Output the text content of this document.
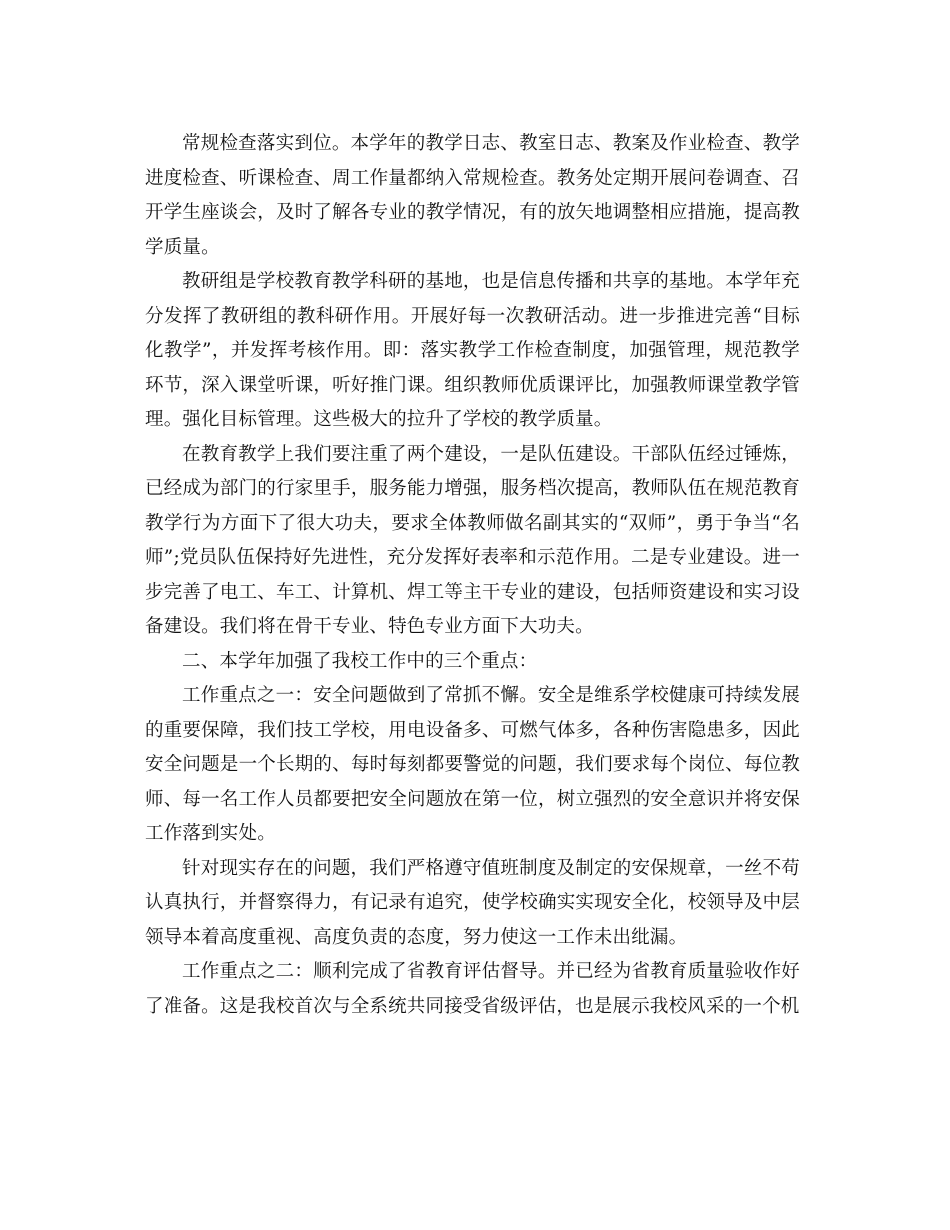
常规检查落实到位。本学年的教学日志、教室日志、教案及作业检查、教学进度检查、听课检查、周工作量都纳入常规检查。教务处定期开展问卷调查、召开学生座谈会，及时了解各专业的教学情况，有的放矢地调整相应措施，提高教学质量。

教研组是学校教育教学科研的基地，也是信息传播和共享的基地。本学年充分发挥了教研组的教科研作用。开展好每一次教研活动。进一步推进完善“目标化教学”，并发挥考核作用。即：落实教学工作检查制度，加强管理，规范教学环节，深入课堂听课，听好推门课。组织教师优质课评比，加强教师课堂教学管理。强化目标管理。这些极大的拉升了学校的教学质量。

在教育教学上我们要注重了两个建设，一是队伍建设。干部队伍经过锤炼，已经成为部门的行家里手，服务能力增强，服务档次提高，教师队伍在规范教育教学行为方面下了很大功夫，要求全体教师做名副其实的“双师”，勇于争当“名师”;党员队伍保持好先进性，充分发挥好表率和示范作用。二是专业建设。进一步完善了电工、车工、计算机、焊工等主干专业的建设，包括师资建设和实习设备建设。我们将在骨干专业、特色专业方面下大功夫。

二、本学年加强了我校工作中的三个重点：

工作重点之一：安全问题做到了常抓不懈。安全是维系学校健康可持续发展的重要保障，我们技工学校，用电设备多、可燃气体多，各种伤害隐患多，因此安全问题是一个长期的、每时每刻都要警觉的问题，我们要求每个岗位、每位教师、每一名工作人员都要把安全问题放在第一位，树立强烈的安全意识并将安保工作落到实处。

针对现实存在的问题，我们严格遵守值班制度及制定的安保规章，一丝不苟认真执行，并督察得力，有记录有追究，使学校确实实现安全化，校领导及中层领导本着高度重视、高度负责的态度，努力使这一工作未出纰漏。

工作重点之二：顺利完成了省教育评估督导。并已经为省教育质量验收作好了准备。这是我校首次与全系统共同接受省级评估，也是展示我校风采的一个机
